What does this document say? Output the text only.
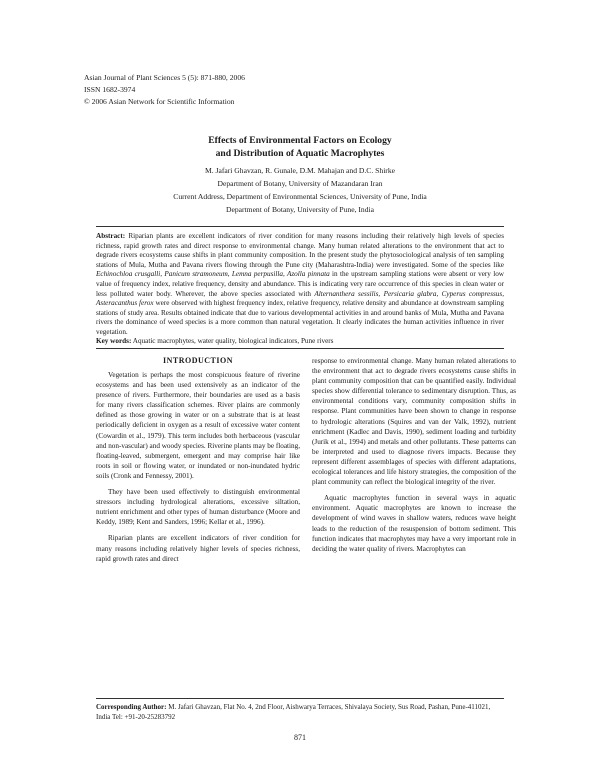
Asian Journal of Plant Sciences 5 (5): 871-880, 2006
ISSN 1682-3974
© 2006 Asian Network for Scientific Information
Effects of Environmental Factors on Ecology
and Distribution of Aquatic Macrophytes
M. Jafari Ghavzan, R. Gunale, D.M. Mahajan and D.C. Shirke
Department of Botany, University of Mazandaran Iran
Current Address, Department of Environmental Sciences, University of Pune, India
Department of Botany, University of Pune, India
Abstract: Riparian plants are excellent indicators of river condition for many reasons including their relatively high levels of species richness, rapid growth rates and direct response to environmental change. Many human related alterations to the environment that act to degrade rivers ecosystems cause shifts in plant community composition. In the present study the phytosociological analysis of ten sampling stations of Mula, Mutha and Pavana rivers flowing through the Pune city (Maharashtra-India) were investigated. Some of the species like Echinochloa crusgalli, Panicum stramoneum, Lemna perpusilla, Azolla pinnata in the upstream sampling stations were absent or very low value of frequency index, relative frequency, density and abundance. This is indicating very rare occurrence of this species in clean water or less polluted water body. Wherever, the above species associated with Alternanthera sessilis, Persicaria glabra, Cyperus compressus, Asteracanthus ferox were observed with highest frequency index, relative frequency, relative density and abundance at downstream sampling stations of study area. Results obtained indicate that due to various developmental activities in and around banks of Mula, Mutha and Pavana rivers the dominance of weed species is a more common than natural vegetation. It clearly indicates the human activities influence in river vegetation.
Key words: Aquatic macrophytes, water quality, biological indicators, Pune rivers
INTRODUCTION

Vegetation is perhaps the most conspicuous feature of riverine ecosystems and has been used extensively as an indicator of the presence of rivers. Furthermore, their boundaries are used as a basis for many rivers classification schemes. River plains are commonly defined as those growing in water or on a substrate that is at least periodically deficient in oxygen as a result of excessive water content (Cowardin et al., 1979). This term includes both herbaceous (vascular and non-vascular) and woody species. Riverine plants may be floating, floating-leaved, submergent, emergent and may comprise hair like roots in soil or flowing water, or inundated or non-inundated hydric soils (Cronk and Fennessy, 2001).

They have been used effectively to distinguish environmental stressors including hydrological alterations, excessive siltation, nutrient enrichment and other types of human disturbance (Moore and Keddy, 1989; Kent and Sanders, 1996; Kellar et al., 1996).

Riparian plants are excellent indicators of river condition for many reasons including relatively higher levels of species richness, rapid growth rates and direct

response to environmental change. Many human related alterations to the environment that act to degrade rivers ecosystems cause shifts in plant community composition that can be quantified easily. Individual species show differential tolerance to sedimentary disruption. Thus, as environmental conditions vary, community composition shifts in response. Plant communities have been shown to change in response to hydrologic alterations (Squires and van der Valk, 1992), nutrient enrichment (Kadlec and Davis, 1990), sediment loading and turbidity (Jurik et al., 1994) and metals and other pollutants. These patterns can be interpreted and used to diagnose rivers impacts. Because they represent different assemblages of species with different adaptations, ecological tolerances and life history strategies, the composition of the plant community can reflect the biological integrity of the river.

Aquatic macrophytes function in several ways in aquatic environment. Aquatic macrophytes are known to increase the development of wind waves in shallow waters, reduces wave height leads to the reduction of the resuspension of bottom sediment. This function indicates that macrophytes may have a very important role in deciding the water quality of rivers. Macrophytes can

Corresponding Author: M. Jafari Ghavzan, Flat No. 4, 2nd Floor, Aishwarya Terraces, Shivalaya Society, Sus Road, Pashan, Pune-411021, India Tel: +91-20-25283792
871
